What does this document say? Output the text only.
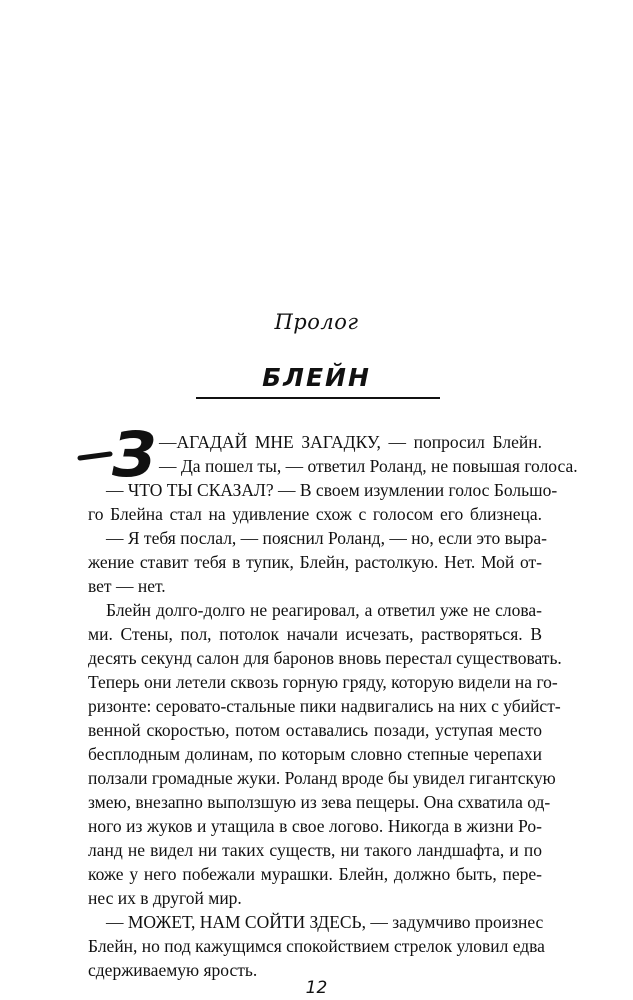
Пролог
БЛЕЙН
З —АГАДАЙ МНЕ ЗАГАДКУ, — попросил Блейн.
— Да пошел ты, — ответил Роланд, не повышая голоса.
— ЧТО ТЫ СКАЗАЛ? — В своем изумлении голос Большо-
го Блейна стал на удивление схож с голосом его близнеца.
— Я тебя послал, — пояснил Роланд, — но, если это выра-
жение ставит тебя в тупик, Блейн, растолкую. Нет. Мой от-
вет — нет.
Блейн долго-долго не реагировал, а ответил уже не слова-
ми. Стены, пол, потолок начали исчезать, растворяться. В
десять секунд салон для баронов вновь перестал существовать.
Теперь они летели сквозь горную гряду, которую видели на го-
ризонте: серовато-стальные пики надвигались на них с убийст-
венной скоростью, потом оставались позади, уступая место
бесплодным долинам, по которым словно степные черепахи
ползали громадные жуки. Роланд вроде бы увидел гигантскую
змею, внезапно выползшую из зева пещеры. Она схватила од-
ного из жуков и утащила в свое логово. Никогда в жизни Ро-
ланд не видел ни таких существ, ни такого ландшафта, и по
коже у него побежали мурашки. Блейн, должно быть, пере-
нес их в другой мир.
— МОЖЕТ, НАМ СОЙТИ ЗДЕСЬ, — задумчиво произнес
Блейн, но под кажущимся спокойствием стрелок уловил едва
сдерживаемую ярость.
12
